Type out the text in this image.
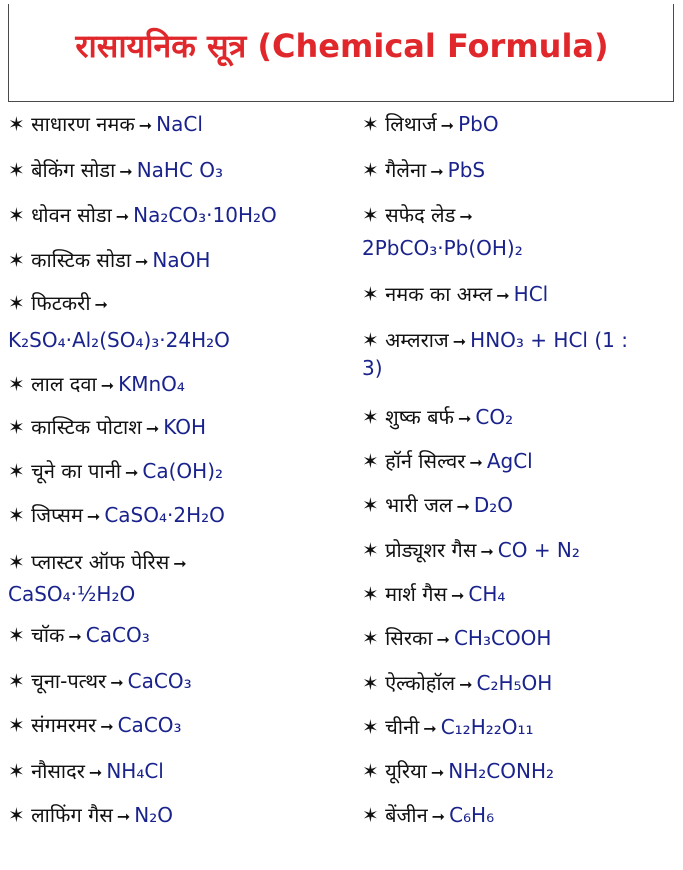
रासायनिक सूत्र (Chemical Formula)
✶ साधारण नमक ➞ NaCl
✶ बेकिंग सोडा ➞ NaHC O₃
✶ धोवन सोडा ➞ Na₂CO₃·10H₂O
✶ कास्टिक सोडा ➞ NaOH
✶ फिटकरी ➞
K₂SO₄·Al₂(SO₄)₃·24H₂O
✶ लाल दवा ➞ KMnO₄
✶ कास्टिक पोटाश ➞ KOH
✶ चूने का पानी ➞ Ca(OH)₂
✶ जिप्सम ➞ CaSO₄·2H₂O
✶ प्लास्टर ऑफ पेरिस ➞
CaSO₄·½H₂O
✶ चॉक ➞ CaCO₃
✶ चूना-पत्थर ➞ CaCO₃
✶ संगमरमर ➞ CaCO₃
✶ नौसादर ➞ NH₄Cl
✶ लाफिंग गैस ➞ N₂O
✶ लिथार्ज ➞ PbO
✶ गैलेना ➞ PbS
✶ सफेद लेड ➞
2PbCO₃·Pb(OH)₂
✶ नमक का अम्ल ➞ HCl
✶ अम्लराज ➞ HNO₃ + HCl (1 :
3)
✶ शुष्क बर्फ ➞ CO₂
✶ हॉर्न सिल्वर ➞ AgCl
✶ भारी जल ➞ D₂O
✶ प्रोड्यूशर गैस ➞ CO + N₂
✶ मार्श गैस ➞ CH₄
✶ सिरका ➞ CH₃COOH
✶ ऐल्कोहॉल ➞ C₂H₅OH
✶ चीनी ➞ C₁₂H₂₂O₁₁
✶ यूरिया ➞ NH₂CONH₂
✶ बेंजीन ➞ C₆H₆
